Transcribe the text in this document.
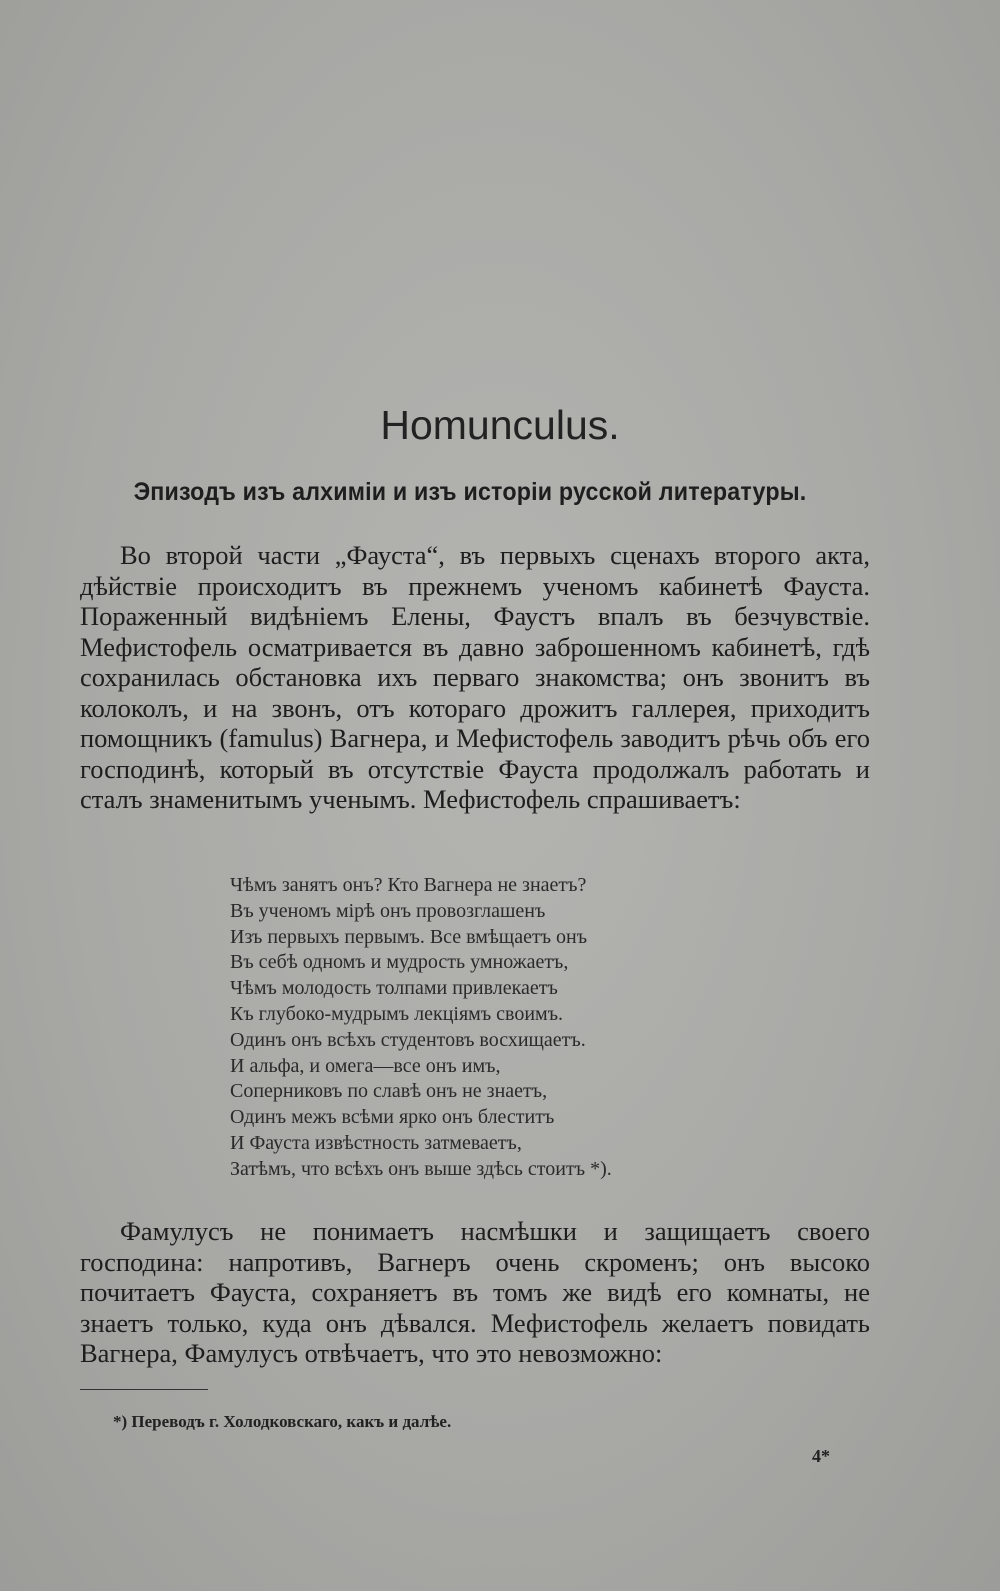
Homunculus.
Эпизодъ изъ алхимiи и изъ исторiи русской литературы.

Во второй части „Фауста“, въ первыхъ сценахъ второго акта, дѣйствiе происходитъ въ прежнемъ ученомъ кабинетѣ Фауста. Пораженный видѣнiемъ Елены, Фаустъ впалъ въ безчувствiе. Мефистофель осматривается въ давно заброшенномъ кабинетѣ, гдѣ сохранилась обстановка ихъ перваго знакомства; онъ звонитъ въ колоколъ, и на звонъ, отъ котораго дрожитъ галлерея, приходитъ помощникъ (famulus) Вагнера, и Мефистофель заводитъ рѣчь объ его господинѣ, который въ отсутствiе Фауста продолжалъ работать и сталъ знаменитымъ ученымъ. Мефистофель спрашиваетъ:

Чѣмъ занятъ онъ? Кто Вагнера не знаетъ?
Въ ученомъ мiрѣ онъ провозглашенъ
Изъ первыхъ первымъ. Все вмѣщаетъ онъ
Въ себѣ одномъ и мудрость умножаетъ,
Чѣмъ молодость толпами привлекаетъ
Къ глубоко-мудрымъ лекцiямъ своимъ.
Одинъ онъ всѣхъ студентовъ восхищаетъ.
И альфа, и омега—все онъ имъ,
Соперниковъ по славѣ онъ не знаетъ,
Одинъ межъ всѣми ярко онъ блеститъ
И Фауста извѣстность затмеваетъ,
Затѣмъ, что всѣхъ онъ выше здѣсь стоитъ *).

Фамулусъ не понимаетъ насмѣшки и защищаетъ своего господина: напротивъ, Вагнеръ очень скроменъ; онъ высоко почитаетъ Фауста, сохраняетъ въ томъ же видѣ его комнаты, не знаетъ только, куда онъ дѣвался. Мефистофель желаетъ повидать Вагнера, Фамулусъ отвѣчаетъ, что это невозможно:

*) Переводъ г. Холодковскаго, какъ и далѣе.
4*
